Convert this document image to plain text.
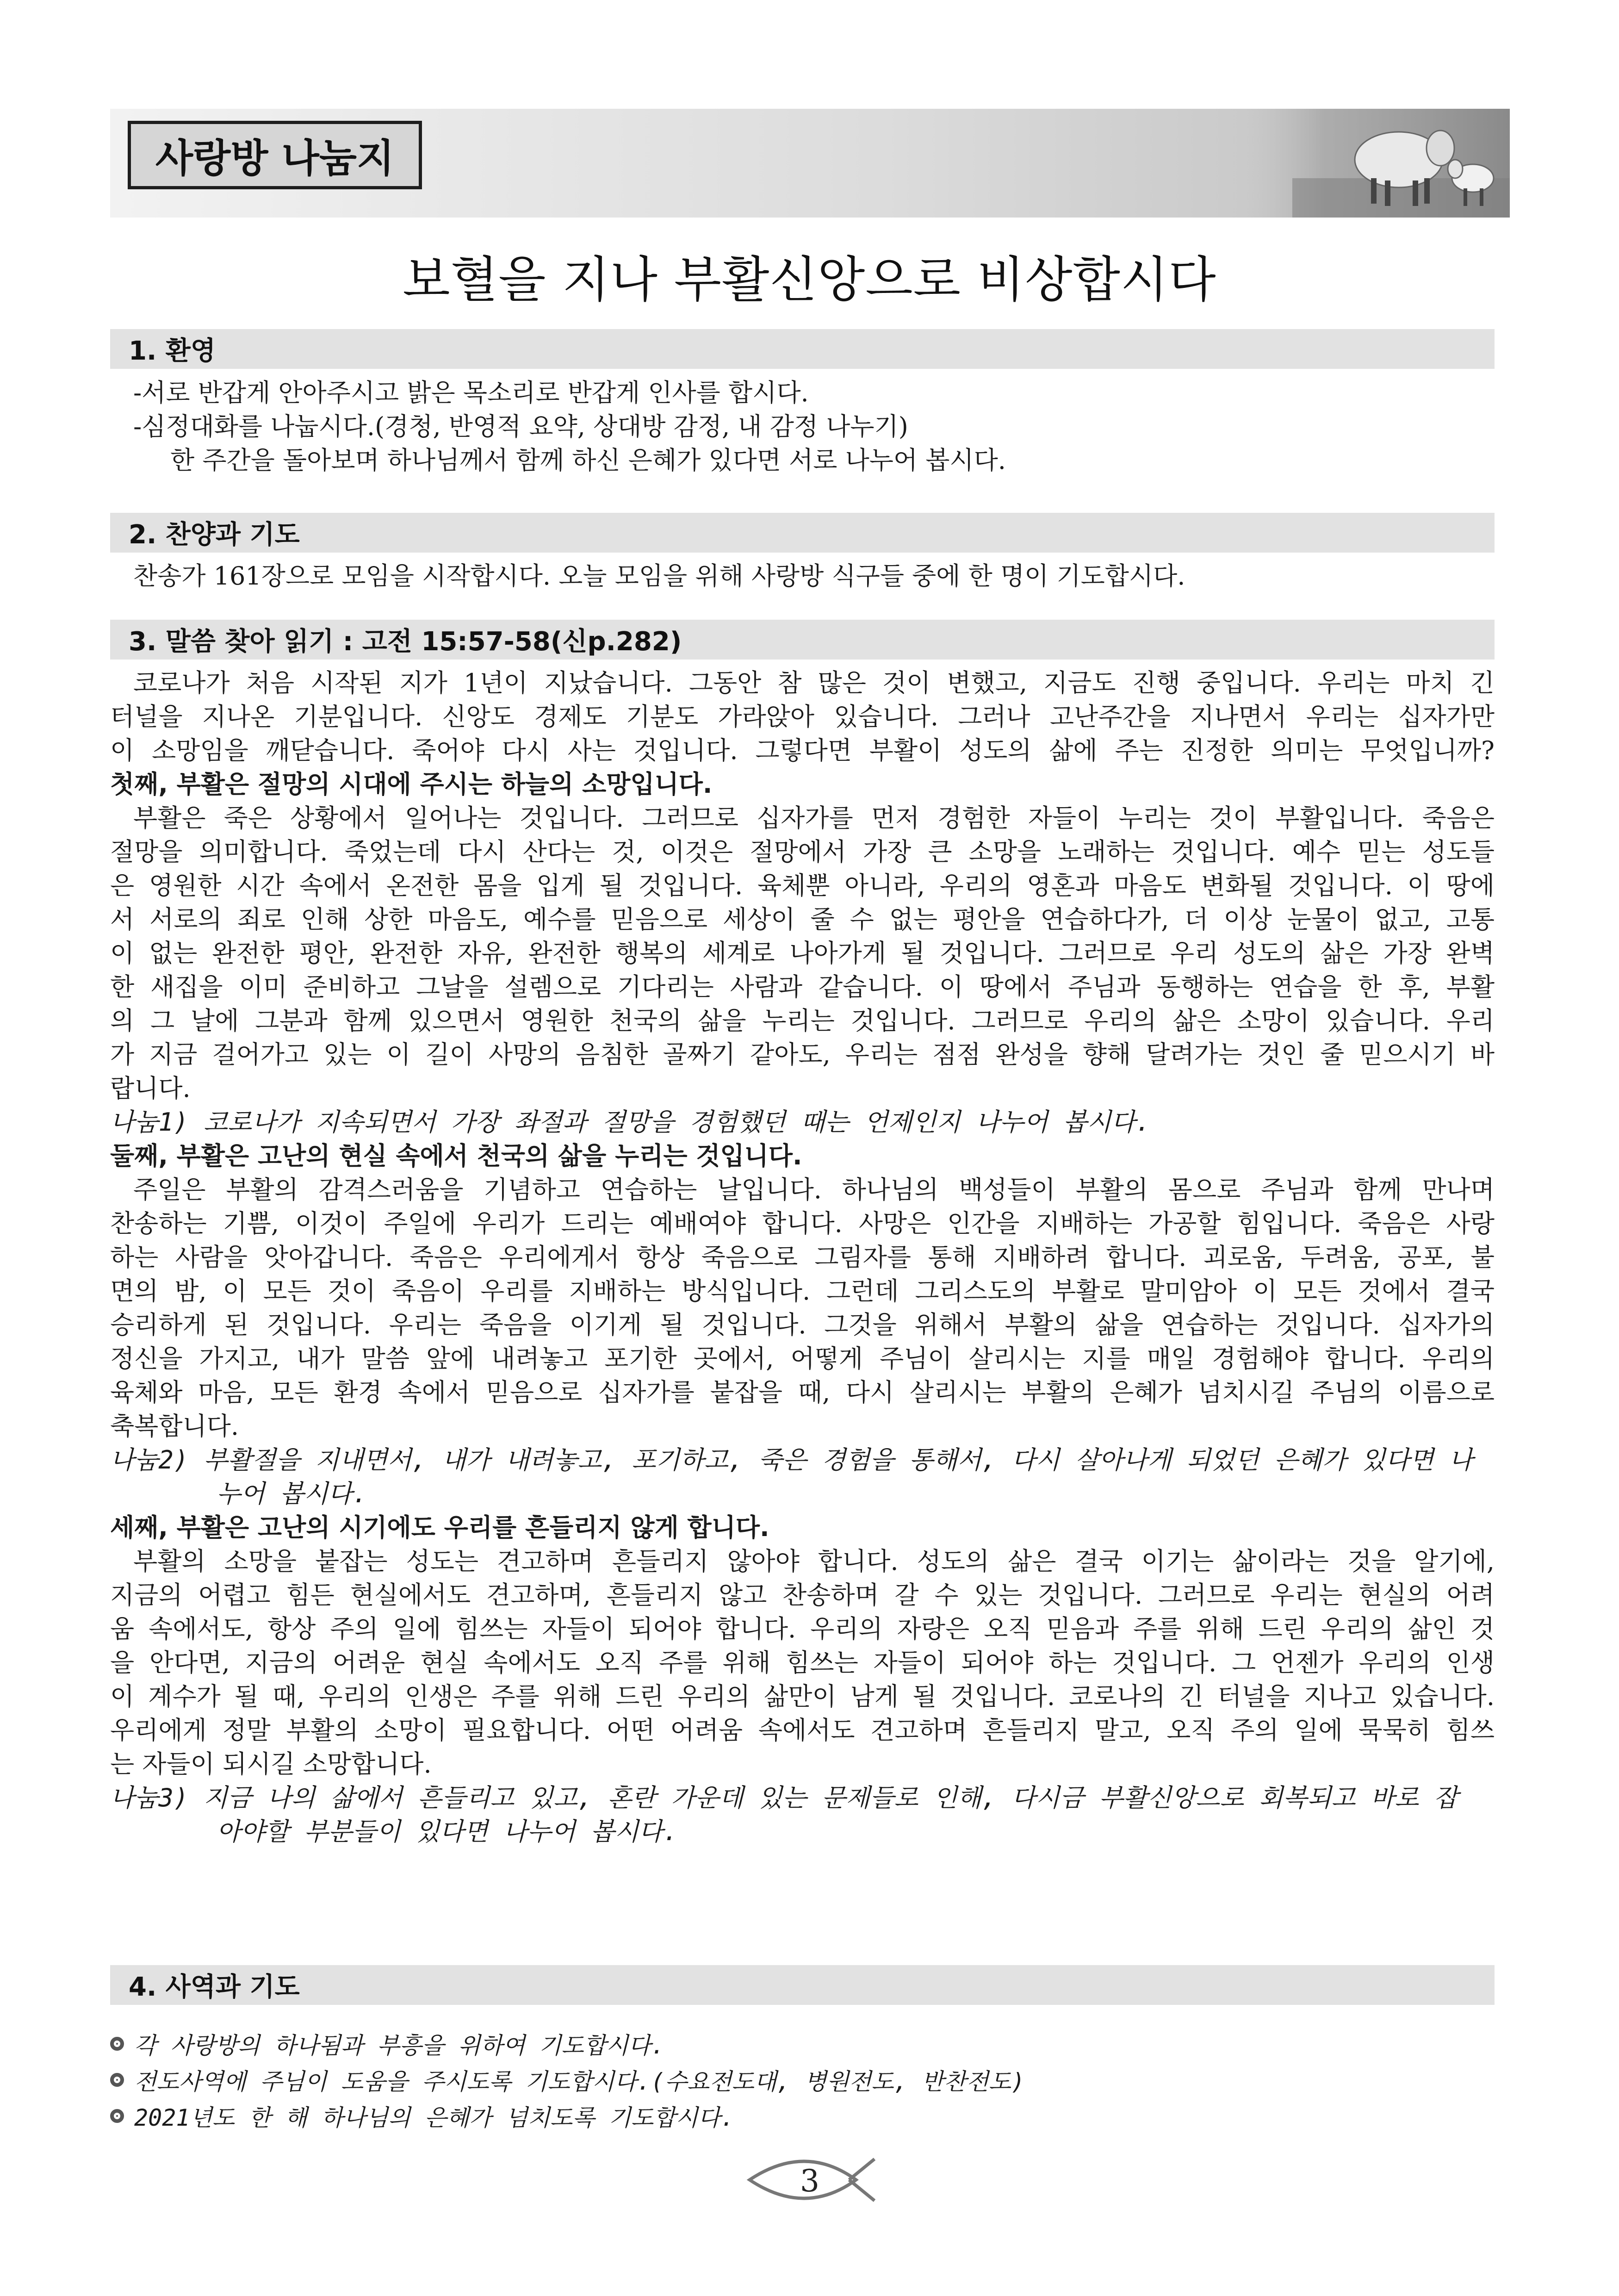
사랑방 나눔지
보혈을 지나 부활신앙으로 비상합시다
1. 환영
-서로 반갑게 안아주시고 밝은 목소리로 반갑게 인사를 합시다.
-심정대화를 나눕시다.(경청, 반영적 요약, 상대방 감정, 내 감정 나누기)
한 주간을 돌아보며 하나님께서 함께 하신 은혜가 있다면 서로 나누어 봅시다.
2. 찬양과 기도
찬송가 161장으로 모임을 시작합시다. 오늘 모임을 위해 사랑방 식구들 중에 한 명이 기도합시다.
3. 말씀 찾아 읽기 : 고전 15:57-58(신p.282)

코로나가 처음 시작된 지가 1년이 지났습니다. 그동안 참 많은 것이 변했고, 지금도 진행 중입니다. 우리는 마치 긴

터널을 지나온 기분입니다. 신앙도 경제도 기분도 가라앉아 있습니다. 그러나 고난주간을 지나면서 우리는 십자가만

이 소망임을 깨닫습니다. 죽어야 다시 사는 것입니다. 그렇다면 부활이 성도의 삶에 주는 진정한 의미는 무엇입니까?

첫째, 부활은 절망의 시대에 주시는 하늘의 소망입니다.

부활은 죽은 상황에서 일어나는 것입니다. 그러므로 십자가를 먼저 경험한 자들이 누리는 것이 부활입니다. 죽음은

절망을 의미합니다. 죽었는데 다시 산다는 것, 이것은 절망에서 가장 큰 소망을 노래하는 것입니다. 예수 믿는 성도들

은 영원한 시간 속에서 온전한 몸을 입게 될 것입니다. 육체뿐 아니라, 우리의 영혼과 마음도 변화될 것입니다. 이 땅에

서 서로의 죄로 인해 상한 마음도, 예수를 믿음으로 세상이 줄 수 없는 평안을 연습하다가, 더 이상 눈물이 없고, 고통

이 없는 완전한 평안, 완전한 자유, 완전한 행복의 세계로 나아가게 될 것입니다. 그러므로 우리 성도의 삶은 가장 완벽

한 새집을 이미 준비하고 그날을 설렘으로 기다리는 사람과 같습니다. 이 땅에서 주님과 동행하는 연습을 한 후, 부활

의 그 날에 그분과 함께 있으면서 영원한 천국의 삶을 누리는 것입니다. 그러므로 우리의 삶은 소망이 있습니다. 우리

가 지금 걸어가고 있는 이 길이 사망의 음침한 골짜기 같아도, 우리는 점점 완성을 향해 달려가는 것인 줄 믿으시기 바

랍니다.

나눔1) 코로나가 지속되면서 가장 좌절과 절망을 경험했던 때는 언제인지 나누어 봅시다.

둘째, 부활은 고난의 현실 속에서 천국의 삶을 누리는 것입니다.

주일은 부활의 감격스러움을 기념하고 연습하는 날입니다. 하나님의 백성들이 부활의 몸으로 주님과 함께 만나며

찬송하는 기쁨, 이것이 주일에 우리가 드리는 예배여야 합니다. 사망은 인간을 지배하는 가공할 힘입니다. 죽음은 사랑

하는 사람을 앗아갑니다. 죽음은 우리에게서 항상 죽음으로 그림자를 통해 지배하려 합니다. 괴로움, 두려움, 공포, 불

면의 밤, 이 모든 것이 죽음이 우리를 지배하는 방식입니다. 그런데 그리스도의 부활로 말미암아 이 모든 것에서 결국

승리하게 된 것입니다. 우리는 죽음을 이기게 될 것입니다. 그것을 위해서 부활의 삶을 연습하는 것입니다. 십자가의

정신을 가지고, 내가 말씀 앞에 내려놓고 포기한 곳에서, 어떻게 주님이 살리시는 지를 매일 경험해야 합니다. 우리의

육체와 마음, 모든 환경 속에서 믿음으로 십자가를 붙잡을 때, 다시 살리시는 부활의 은혜가 넘치시길 주님의 이름으로

축복합니다.

나눔2) 부활절을 지내면서, 내가 내려놓고, 포기하고, 죽은 경험을 통해서, 다시 살아나게 되었던 은혜가 있다면 나

누어 봅시다.

세째, 부활은 고난의 시기에도 우리를 흔들리지 않게 합니다.

부활의 소망을 붙잡는 성도는 견고하며 흔들리지 않아야 합니다. 성도의 삶은 결국 이기는 삶이라는 것을 알기에,

지금의 어렵고 힘든 현실에서도 견고하며, 흔들리지 않고 찬송하며 갈 수 있는 것입니다. 그러므로 우리는 현실의 어려

움 속에서도, 항상 주의 일에 힘쓰는 자들이 되어야 합니다. 우리의 자랑은 오직 믿음과 주를 위해 드린 우리의 삶인 것

을 안다면, 지금의 어려운 현실 속에서도 오직 주를 위해 힘쓰는 자들이 되어야 하는 것입니다. 그 언젠가 우리의 인생

이 계수가 될 때, 우리의 인생은 주를 위해 드린 우리의 삶만이 남게 될 것입니다. 코로나의 긴 터널을 지나고 있습니다.

우리에게 정말 부활의 소망이 필요합니다. 어떤 어려움 속에서도 견고하며 흔들리지 말고, 오직 주의 일에 묵묵히 힘쓰

는 자들이 되시길 소망합니다.

나눔3) 지금 나의 삶에서 흔들리고 있고, 혼란 가운데 있는 문제들로 인해, 다시금 부활신앙으로 회복되고 바로 잡

아야할 부분들이 있다면 나누어 봅시다.

4. 사역과 기도
각 사랑방의 하나됨과 부흥을 위하여 기도합시다.
전도사역에 주님이 도움을 주시도록 기도합시다.(수요전도대, 병원전도, 반찬전도)
2021년도 한 해 하나님의 은혜가 넘치도록 기도합시다.
3
